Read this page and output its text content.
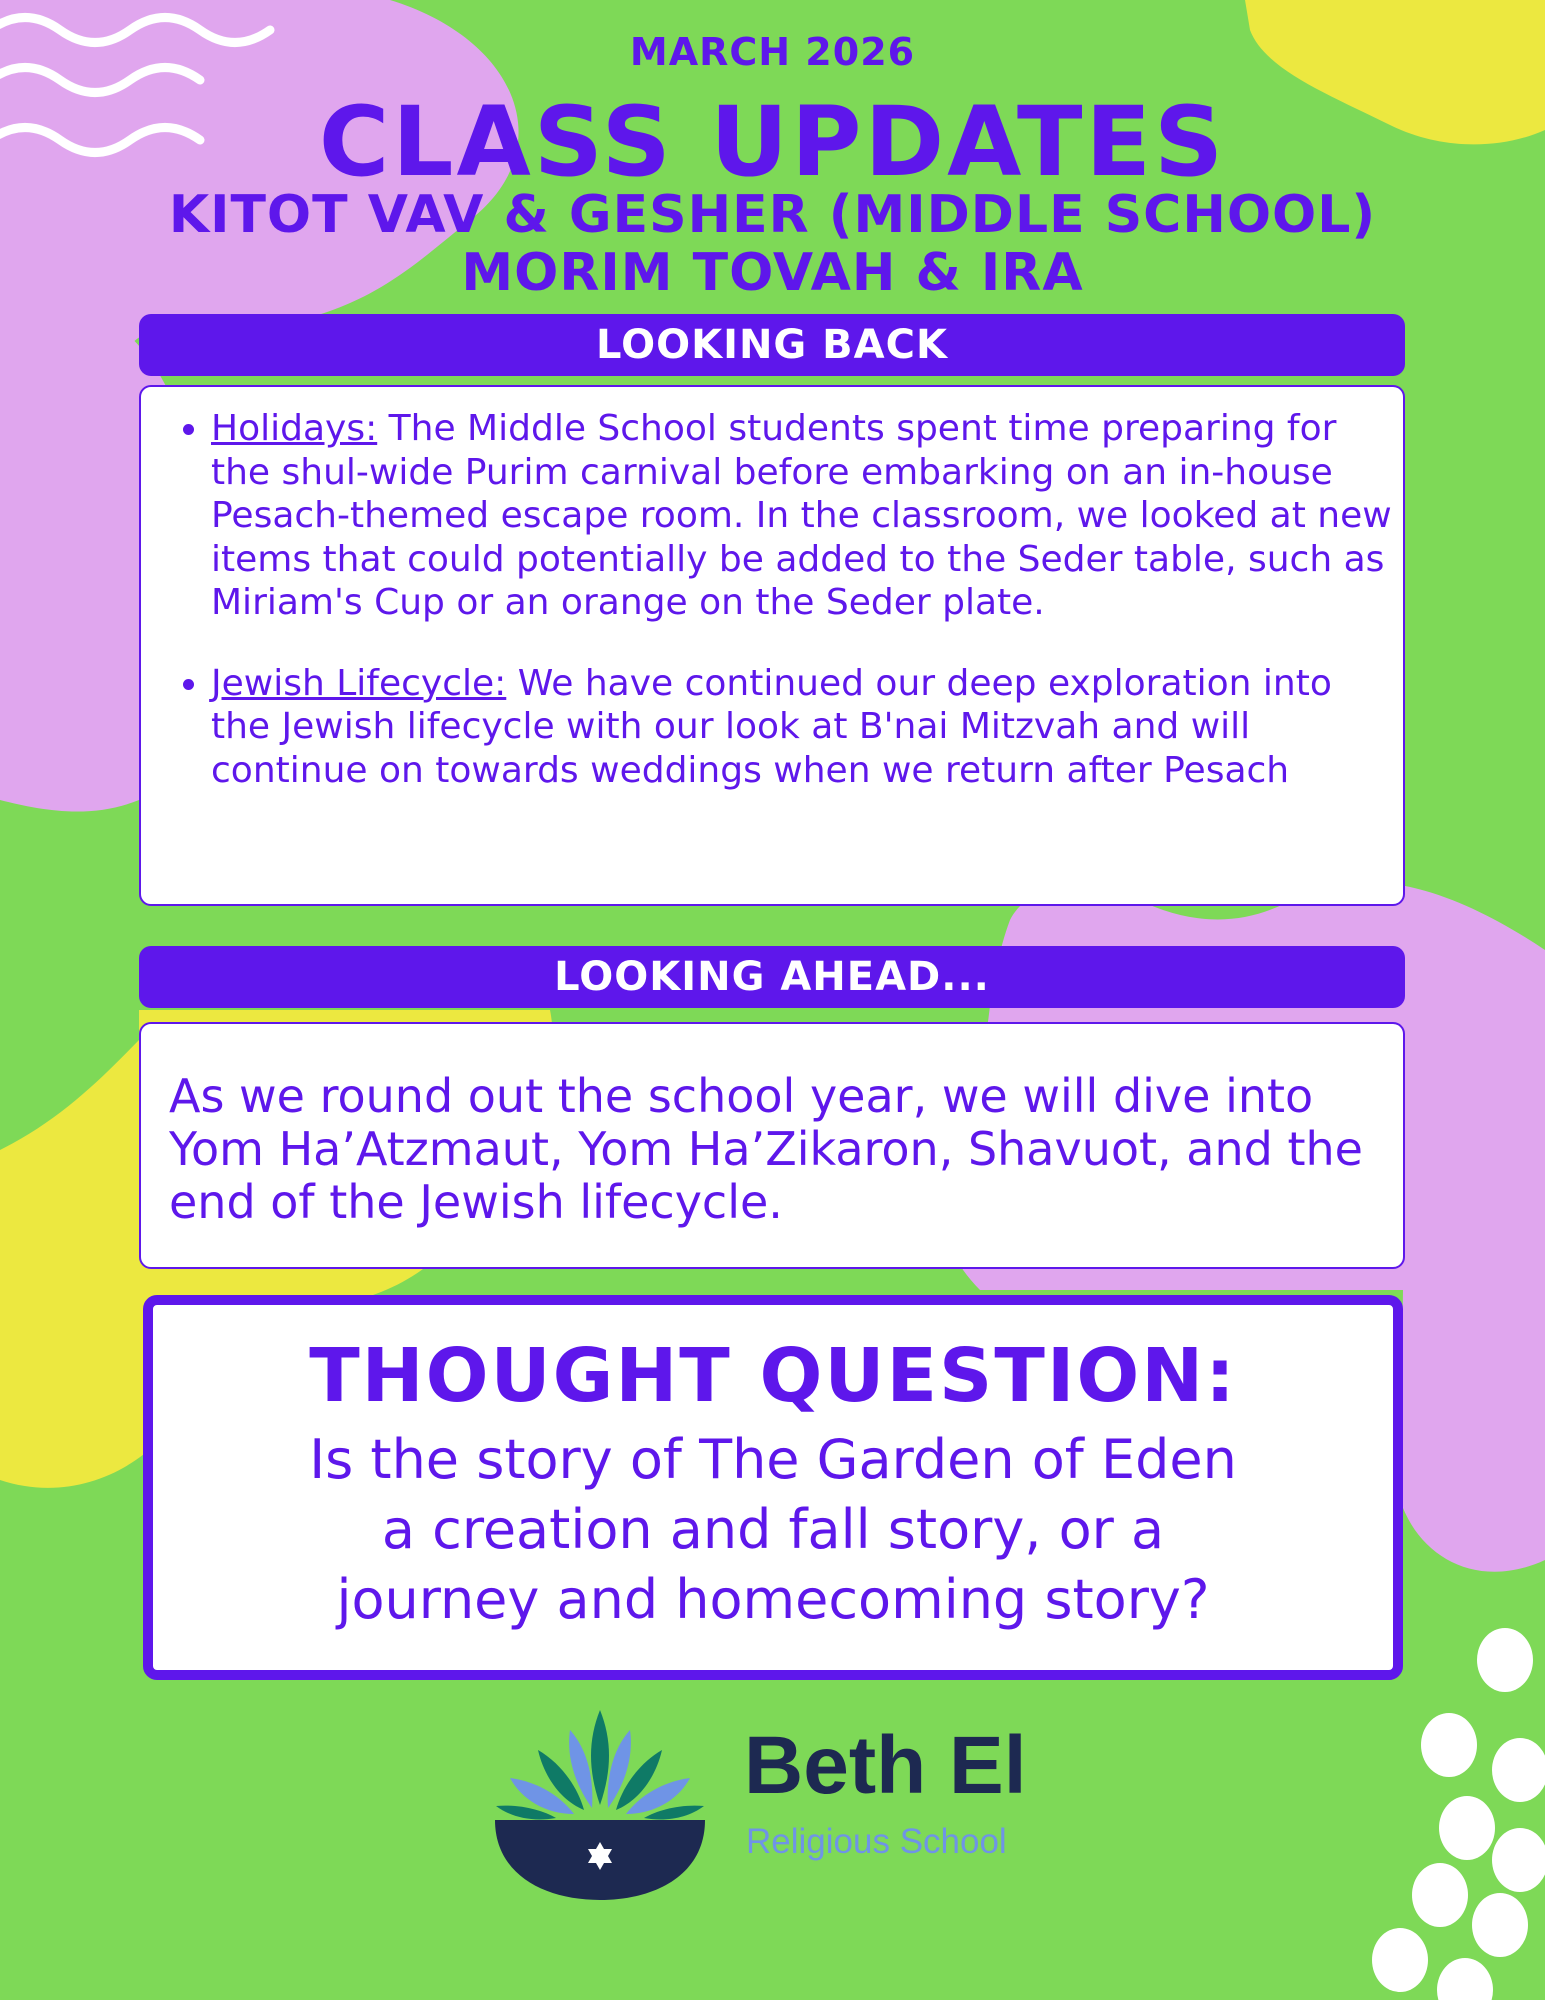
MARCH 2026
CLASS UPDATES
KITOT VAV & GESHER (MIDDLE SCHOOL)
MORIM TOVAH & IRA
LOOKING BACK
• Holidays: The Middle School students spent time preparing for the shul-wide Purim carnival before embarking on an in-house Pesach-themed escape room. In the classroom, we looked at new items that could potentially be added to the Seder table, such as Miriam's Cup or an orange on the Seder plate.
• Jewish Lifecycle: We have continued our deep exploration into the Jewish lifecycle with our look at B'nai Mitzvah and will continue on towards weddings when we return after Pesach
LOOKING AHEAD...
As we round out the school year, we will dive into Yom Ha’Atzmaut, Yom Ha’Zikaron, Shavuot, and the end of the Jewish lifecycle.
THOUGHT QUESTION:
Is the story of The Garden of Eden
a creation and fall story, or a
journey and homecoming story?
Beth El
Religious School
